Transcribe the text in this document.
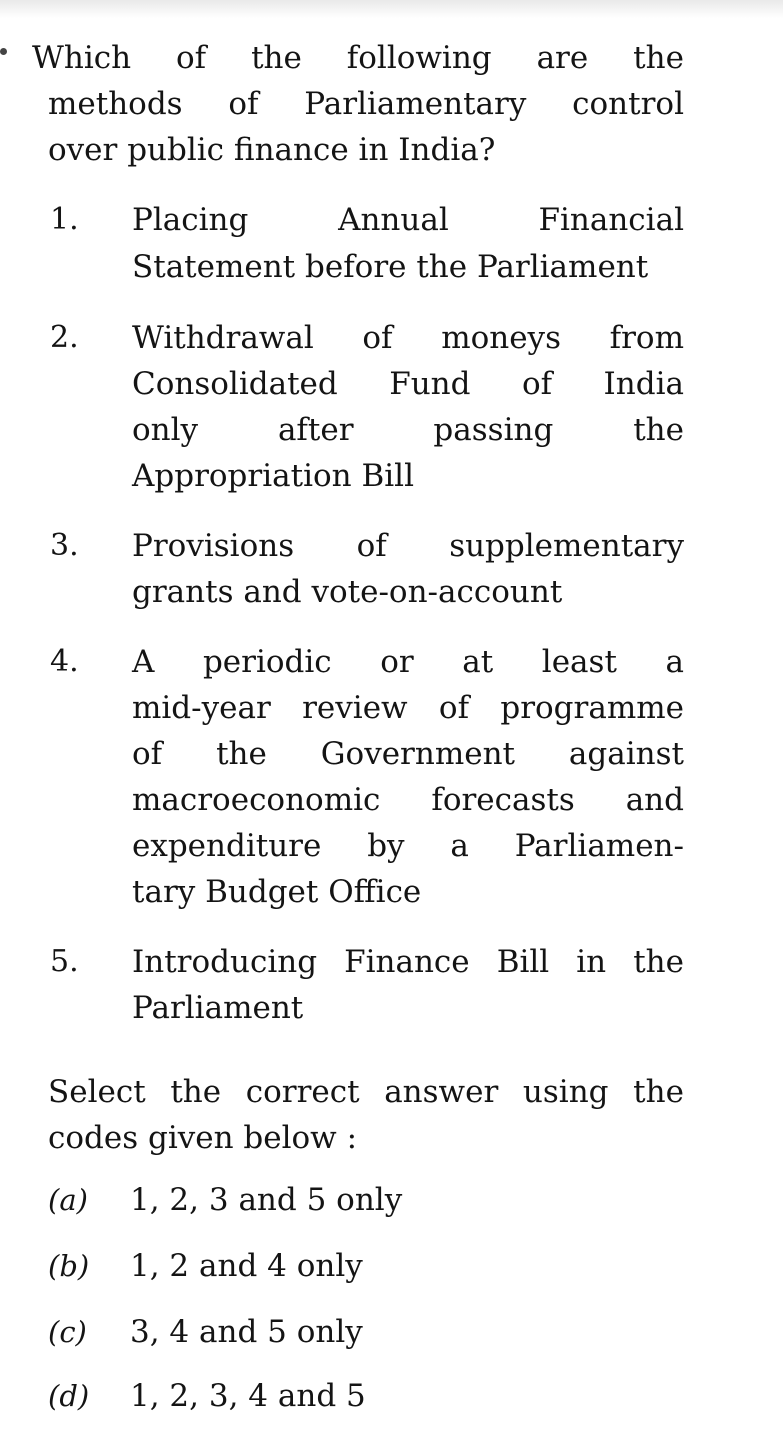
Which of the following are the
methods of Parliamentary control
over public finance in India?
1. Placing	Annual	Financial
Statement before the Parliament
2. Withdrawal of moneys from
Consolidated Fund of India
only	after	passing	the
Appropriation Bill
3. Provisions of supplementary
grants and vote-on-account
4. A periodic or at least a
mid-year review of programme
of the Government against
macroeconomic forecasts and
expenditure by a Parliamen-
tary Budget Office
5. Introducing Finance Bill in the
Parliament
Select the correct answer using the
codes given below :
(a) 1, 2, 3 and 5 only
(b) 1, 2 and 4 only
(c) 3, 4 and 5 only
(d) 1, 2, 3, 4 and 5
